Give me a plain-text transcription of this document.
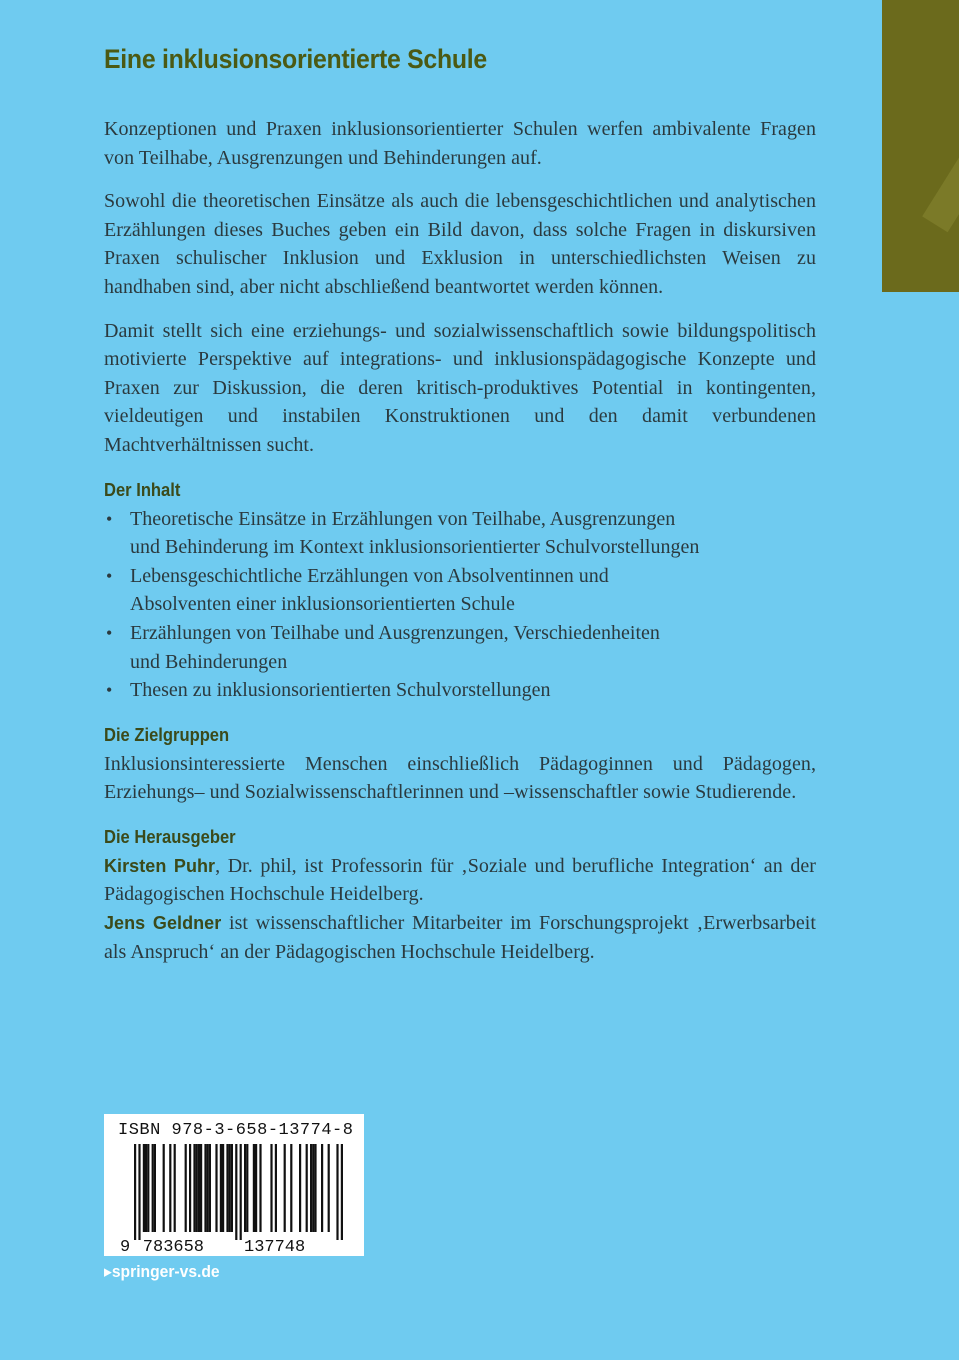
Eine inklusionsorientierte Schule

Konzeptionen und Praxen inklusionsorientierter Schulen werfen ambivalente Fragen von Teilhabe, Ausgrenzungen und Behinderungen auf.

Sowohl die theoretischen Einsätze als auch die lebensgeschichtlichen und analytischen Erzählungen dieses Buches geben ein Bild davon, dass solche Fragen in diskursiven Praxen schulischer Inklusion und Exklusion in unterschiedlichsten Weisen zu handhaben sind, aber nicht abschließend beantwortet werden können.

Damit stellt sich eine erziehungs- und sozialwissenschaftlich sowie bildungspolitisch motivierte Perspektive auf integrations- und inklusionspädagogische Konzepte und Praxen zur Diskussion, die deren kritisch-produktives Potential in kontingenten, vieldeutigen und instabilen Konstruktionen und den damit verbundenen Machtverhältnissen sucht.

Der Inhalt
• Theoretische Einsätze in Erzählungen von Teilhabe, Ausgrenzungen
und Behinderung im Kontext inklusionsorientierter Schulvorstellungen
• Lebensgeschichtliche Erzählungen von Absolventinnen und
Absolventen einer inklusionsorientierten Schule
• Erzählungen von Teilhabe und Ausgrenzungen, Verschiedenheiten
und Behinderungen
• Thesen zu inklusionsorientierten Schulvorstellungen
Die Zielgruppen

Inklusionsinteressierte Menschen einschließlich Pädagoginnen und Pädagogen, Erziehungs– und Sozialwissenschaftlerinnen und –wissenschaftler sowie Studierende.

Die Herausgeber

Kirsten Puhr, Dr. phil, ist Professorin für ‚Soziale und berufliche Integration‘ an der Pädagogischen Hochschule Heidelberg.

Jens Geldner ist wissenschaftlicher Mitarbeiter im Forschungsprojekt ‚Erwerbsarbeit als Anspruch‘ an der Pädagogischen Hochschule Heidelberg.

9 783658 137748
ISBN 978-3-658-13774-8
▸springer-vs.de
